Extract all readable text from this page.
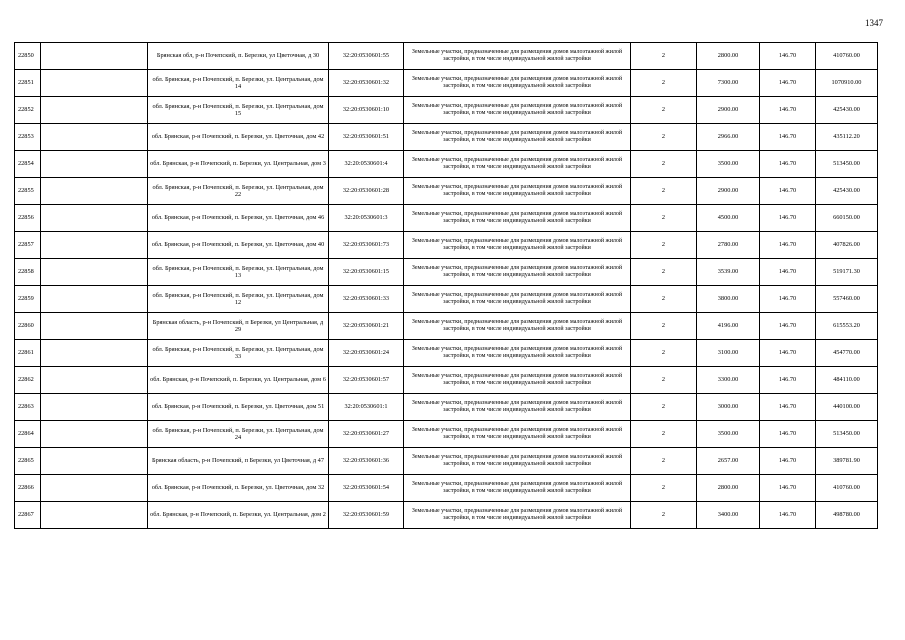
1347
22850		Брянская обл, р-н Почепский, п. Березки, ул Цветочная, д 30	32:20:0530601:55	Земельные участки, предназначенные для размещения домов малоэтажной жилой застройки, в том числе индивидуальной жилой застройки	2	2800.00	146.70	410760.00
22851		обл. Брянская, р-н Почепский, п. Березки, ул. Центральная, дом 14	32:20:0530601:32	Земельные участки, предназначенные для размещения домов малоэтажной жилой застройки, в том числе индивидуальной жилой застройки	2	7300.00	146.70	1070910.00
22852		обл. Брянская, р-н Почепский, п. Березки, ул. Центральная, дом 15	32:20:0530601:10	Земельные участки, предназначенные для размещения домов малоэтажной жилой застройки, в том числе индивидуальной жилой застройки	2	2900.00	146.70	425430.00
22853		обл. Брянская, р-н Почепский, п. Березки, ул. Цветочная, дом 42	32:20:0530601:51	Земельные участки, предназначенные для размещения домов малоэтажной жилой застройки, в том числе индивидуальной жилой застройки	2	2966.00	146.70	435112.20
22854		обл. Брянская, р-н Почепский, п. Березки, ул. Центральная, дом 3	32:20:0530601:4	Земельные участки, предназначенные для размещения домов малоэтажной жилой застройки, в том числе индивидуальной жилой застройки	2	3500.00	146.70	513450.00
22855		обл. Брянская, р-н Почепский, п. Березки, ул. Центральная, дом 22	32:20:0530601:28	Земельные участки, предназначенные для размещения домов малоэтажной жилой застройки, в том числе индивидуальной жилой застройки	2	2900.00	146.70	425430.00
22856		обл. Брянская, р-н Почепский, п. Березки, ул. Цветочная, дом 46	32:20:0530601:3	Земельные участки, предназначенные для размещения домов малоэтажной жилой застройки, в том числе индивидуальной жилой застройки	2	4500.00	146.70	660150.00
22857		обл. Брянская, р-н Почепский, п. Березки, ул. Цветочная, дом 40	32:20:0530601:73	Земельные участки, предназначенные для размещения домов малоэтажной жилой застройки, в том числе индивидуальной жилой застройки	2	2780.00	146.70	407826.00
22858		обл. Брянская, р-н Почепский, п. Березки, ул. Центральная, дом 13	32:20:0530601:15	Земельные участки, предназначенные для размещения домов малоэтажной жилой застройки, в том числе индивидуальной жилой застройки	2	3539.00	146.70	519171.30
22859		обл. Брянская, р-н Почепский, п. Березки, ул. Центральная, дом 12	32:20:0530601:33	Земельные участки, предназначенные для размещения домов малоэтажной жилой застройки, в том числе индивидуальной жилой застройки	2	3800.00	146.70	557460.00
22860		Брянская область, р-н Почепский, п Березки, ул Центральная, д 29	32:20:0530601:21	Земельные участки, предназначенные для размещения домов малоэтажной жилой застройки, в том числе индивидуальной жилой застройки	2	4196.00	146.70	615553.20
22861		обл. Брянская, р-н Почепский, п. Березки, ул. Центральная, дом 33	32:20:0530601:24	Земельные участки, предназначенные для размещения домов малоэтажной жилой застройки, в том числе индивидуальной жилой застройки	2	3100.00	146.70	454770.00
22862		обл. Брянская, р-н Почепский, п. Березки, ул. Центральная, дом 6	32:20:0530601:57	Земельные участки, предназначенные для размещения домов малоэтажной жилой застройки, в том числе индивидуальной жилой застройки	2	3300.00	146.70	484110.00
22863		обл. Брянская, р-н Почепский, п. Березки, ул. Цветочная, дом 51	32:20:0530601:1	Земельные участки, предназначенные для размещения домов малоэтажной жилой застройки, в том числе индивидуальной жилой застройки	2	3000.00	146.70	440100.00
22864		обл. Брянская, р-н Почепский, п. Березки, ул. Центральная, дом 24	32:20:0530601:27	Земельные участки, предназначенные для размещения домов малоэтажной жилой застройки, в том числе индивидуальной жилой застройки	2	3500.00	146.70	513450.00
22865		Брянская область, р-н Почепский, п Березки, ул Цветочная, д 47	32:20:0530601:36	Земельные участки, предназначенные для размещения домов малоэтажной жилой застройки, в том числе индивидуальной жилой застройки	2	2657.00	146.70	389781.90
22866		обл. Брянская, р-н Почепский, п. Березки, ул. Цветочная, дом 32	32:20:0530601:54	Земельные участки, предназначенные для размещения домов малоэтажной жилой застройки, в том числе индивидуальной жилой застройки	2	2800.00	146.70	410760.00
22867		обл. Брянская, р-н Почепский, п. Березки, ул. Центральная, дом 2	32:20:0530601:59	Земельные участки, предназначенные для размещения домов малоэтажной жилой застройки, в том числе индивидуальной жилой застройки	2	3400.00	146.70	498780.00
